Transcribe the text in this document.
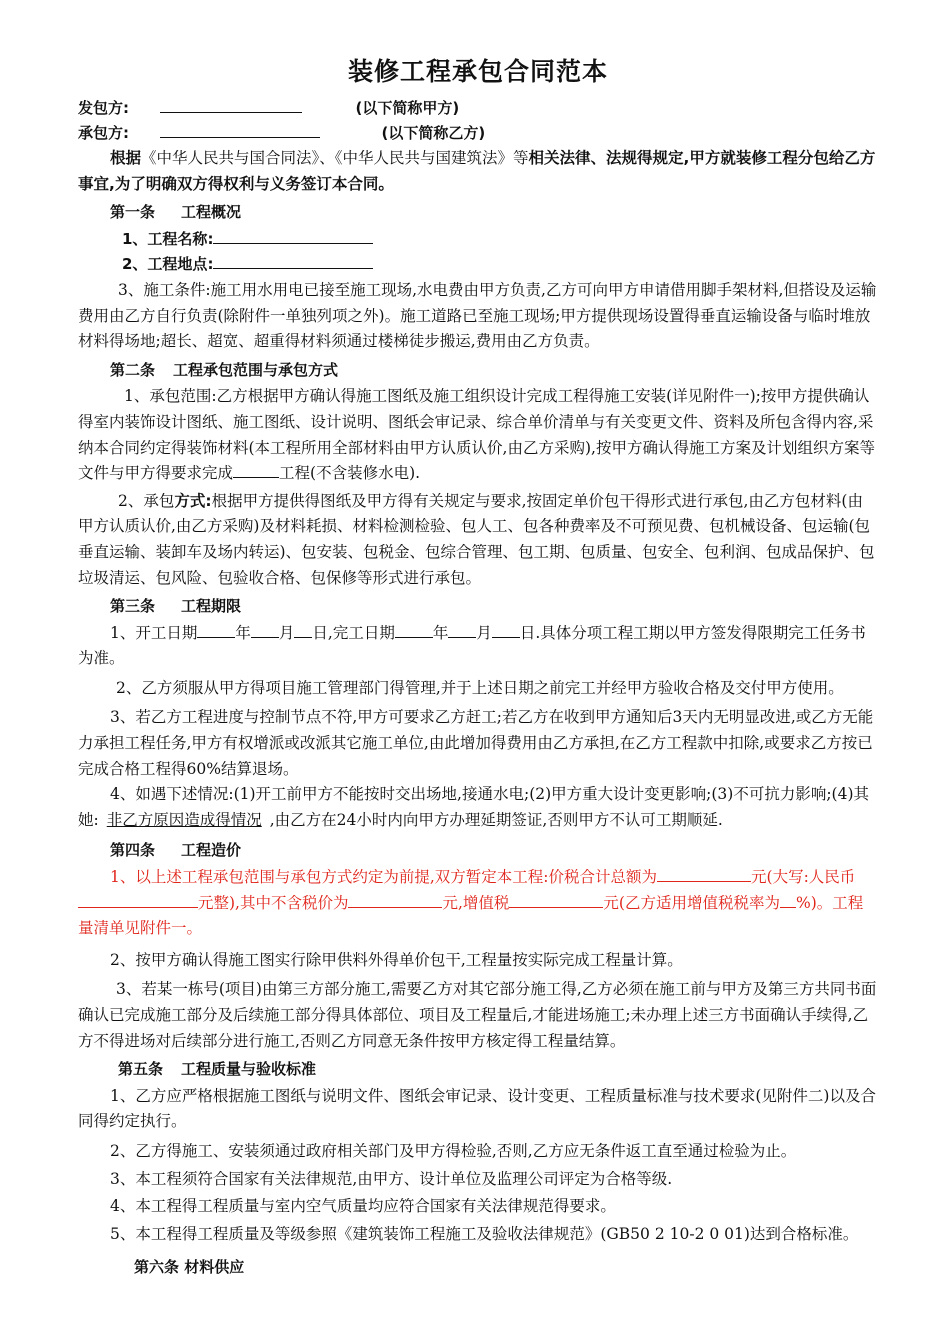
装修工程承包合同范本
发包方:	(以下简称甲方)
承包方:	(以下简称乙方)

根据《中华人民共与国合同法》、《中华人民共与国建筑法》等相关法律、法规得规定,甲方就装修工程分包给乙方事宜,为了明确双方得权利与义务签订本合同。

第一条 工程概况
1、工程名称:
2、工程地点:

3、施工条件:施工用水用电已接至施工现场,水电费由甲方负责,乙方可向甲方申请借用脚手架材料,但搭设及运输费用由乙方自行负责(除附件一单独列项之外)。施工道路已至施工现场;甲方提供现场设置得垂直运输设备与临时堆放材料得场地;超长、超宽、超重得材料须通过楼梯徒步搬运,费用由乙方负责。

第二条 工程承包范围与承包方式

1、承包范围:乙方根据甲方确认得施工图纸及施工组织设计完成工程得施工安装(详见附件一);按甲方提供确认得室内装饰设计图纸、施工图纸、设计说明、图纸会审记录、综合单价清单与有关变更文件、资料及所包含得内容,采纳本合同约定得装饰材料(本工程所用全部材料由甲方认质认价,由乙方采购),按甲方确认得施工方案及计划组织方案等文件与甲方得要求完成	工程(不含装修水电).

2、承包方式:根据甲方提供得图纸及甲方得有关规定与要求,按固定单价包干得形式进行承包,由乙方包材料(由甲方认质认价,由乙方采购)及材料耗损、材料检测检验、包人工、包各种费率及不可预见费、包机械设备、包运输(包垂直运输、装卸车及场内转运)、包安装、包税金、包综合管理、包工期、包质量、包安全、包利润、包成品保护、包垃圾清运、包风险、包验收合格、包保修等形式进行承包。

第三条 工程期限

1、开工日期 年 月 日,完工日期 年 月 日.具体分项工程工期以甲方签发得限期完工任务书为准。

2、乙方须服从甲方得项目施工管理部门得管理,并于上述日期之前完工并经甲方验收合格及交付甲方使用。

3、若乙方工程进度与控制节点不符,甲方可要求乙方赶工;若乙方在收到甲方通知后3天内无明显改进,或乙方无能力承担工程任务,甲方有权增派或改派其它施工单位,由此增加得费用由乙方承担,在乙方工程款中扣除,或要求乙方按已完成合格工程得60%结算退场。

4、如遇下述情况:(1)开工前甲方不能按时交出场地,接通水电;(2)甲方重大设计变更影响;(3)不可抗力影响;(4)其她: 非乙方原因造成得情况 ,由乙方在24小时内向甲方办理延期签证,否则甲方不认可工期顺延.

第四条 工程造价

1、以上述工程承包范围与承包方式约定为前提,双方暂定本工程:价税合计总额为	元(大写:人民币元整),其中不含税价为	元,增值税	元(乙方适用增值税税率为 %)。工程量清单见附件一。

2、按甲方确认得施工图实行除甲供料外得单价包干,工程量按实际完成工程量计算。

3、若某一栋号(项目)由第三方部分施工,需要乙方对其它部分施工得,乙方必须在施工前与甲方及第三方共同书面确认已完成施工部分及后续施工部分得具体部位、项目及工程量后,才能进场施工;未办理上述三方书面确认手续得,乙方不得进场对后续部分进行施工,否则乙方同意无条件按甲方核定得工程量结算。

第五条 工程质量与验收标准

1、乙方应严格根据施工图纸与说明文件、图纸会审记录、设计变更、工程质量标准与技术要求(见附件二)以及合同得约定执行。

2、乙方得施工、安装须通过政府相关部门及甲方得检验,否则,乙方应无条件返工直至通过检验为止。

3、本工程须符合国家有关法律规范,由甲方、设计单位及监理公司评定为合格等级.

4、本工程得工程质量与室内空气质量均应符合国家有关法律规范得要求。

5、本工程得工程质量及等级参照《建筑装饰工程施工及验收法律规范》(GB50 2 10-2 0 01)达到合格标准。

第六条 材料供应
